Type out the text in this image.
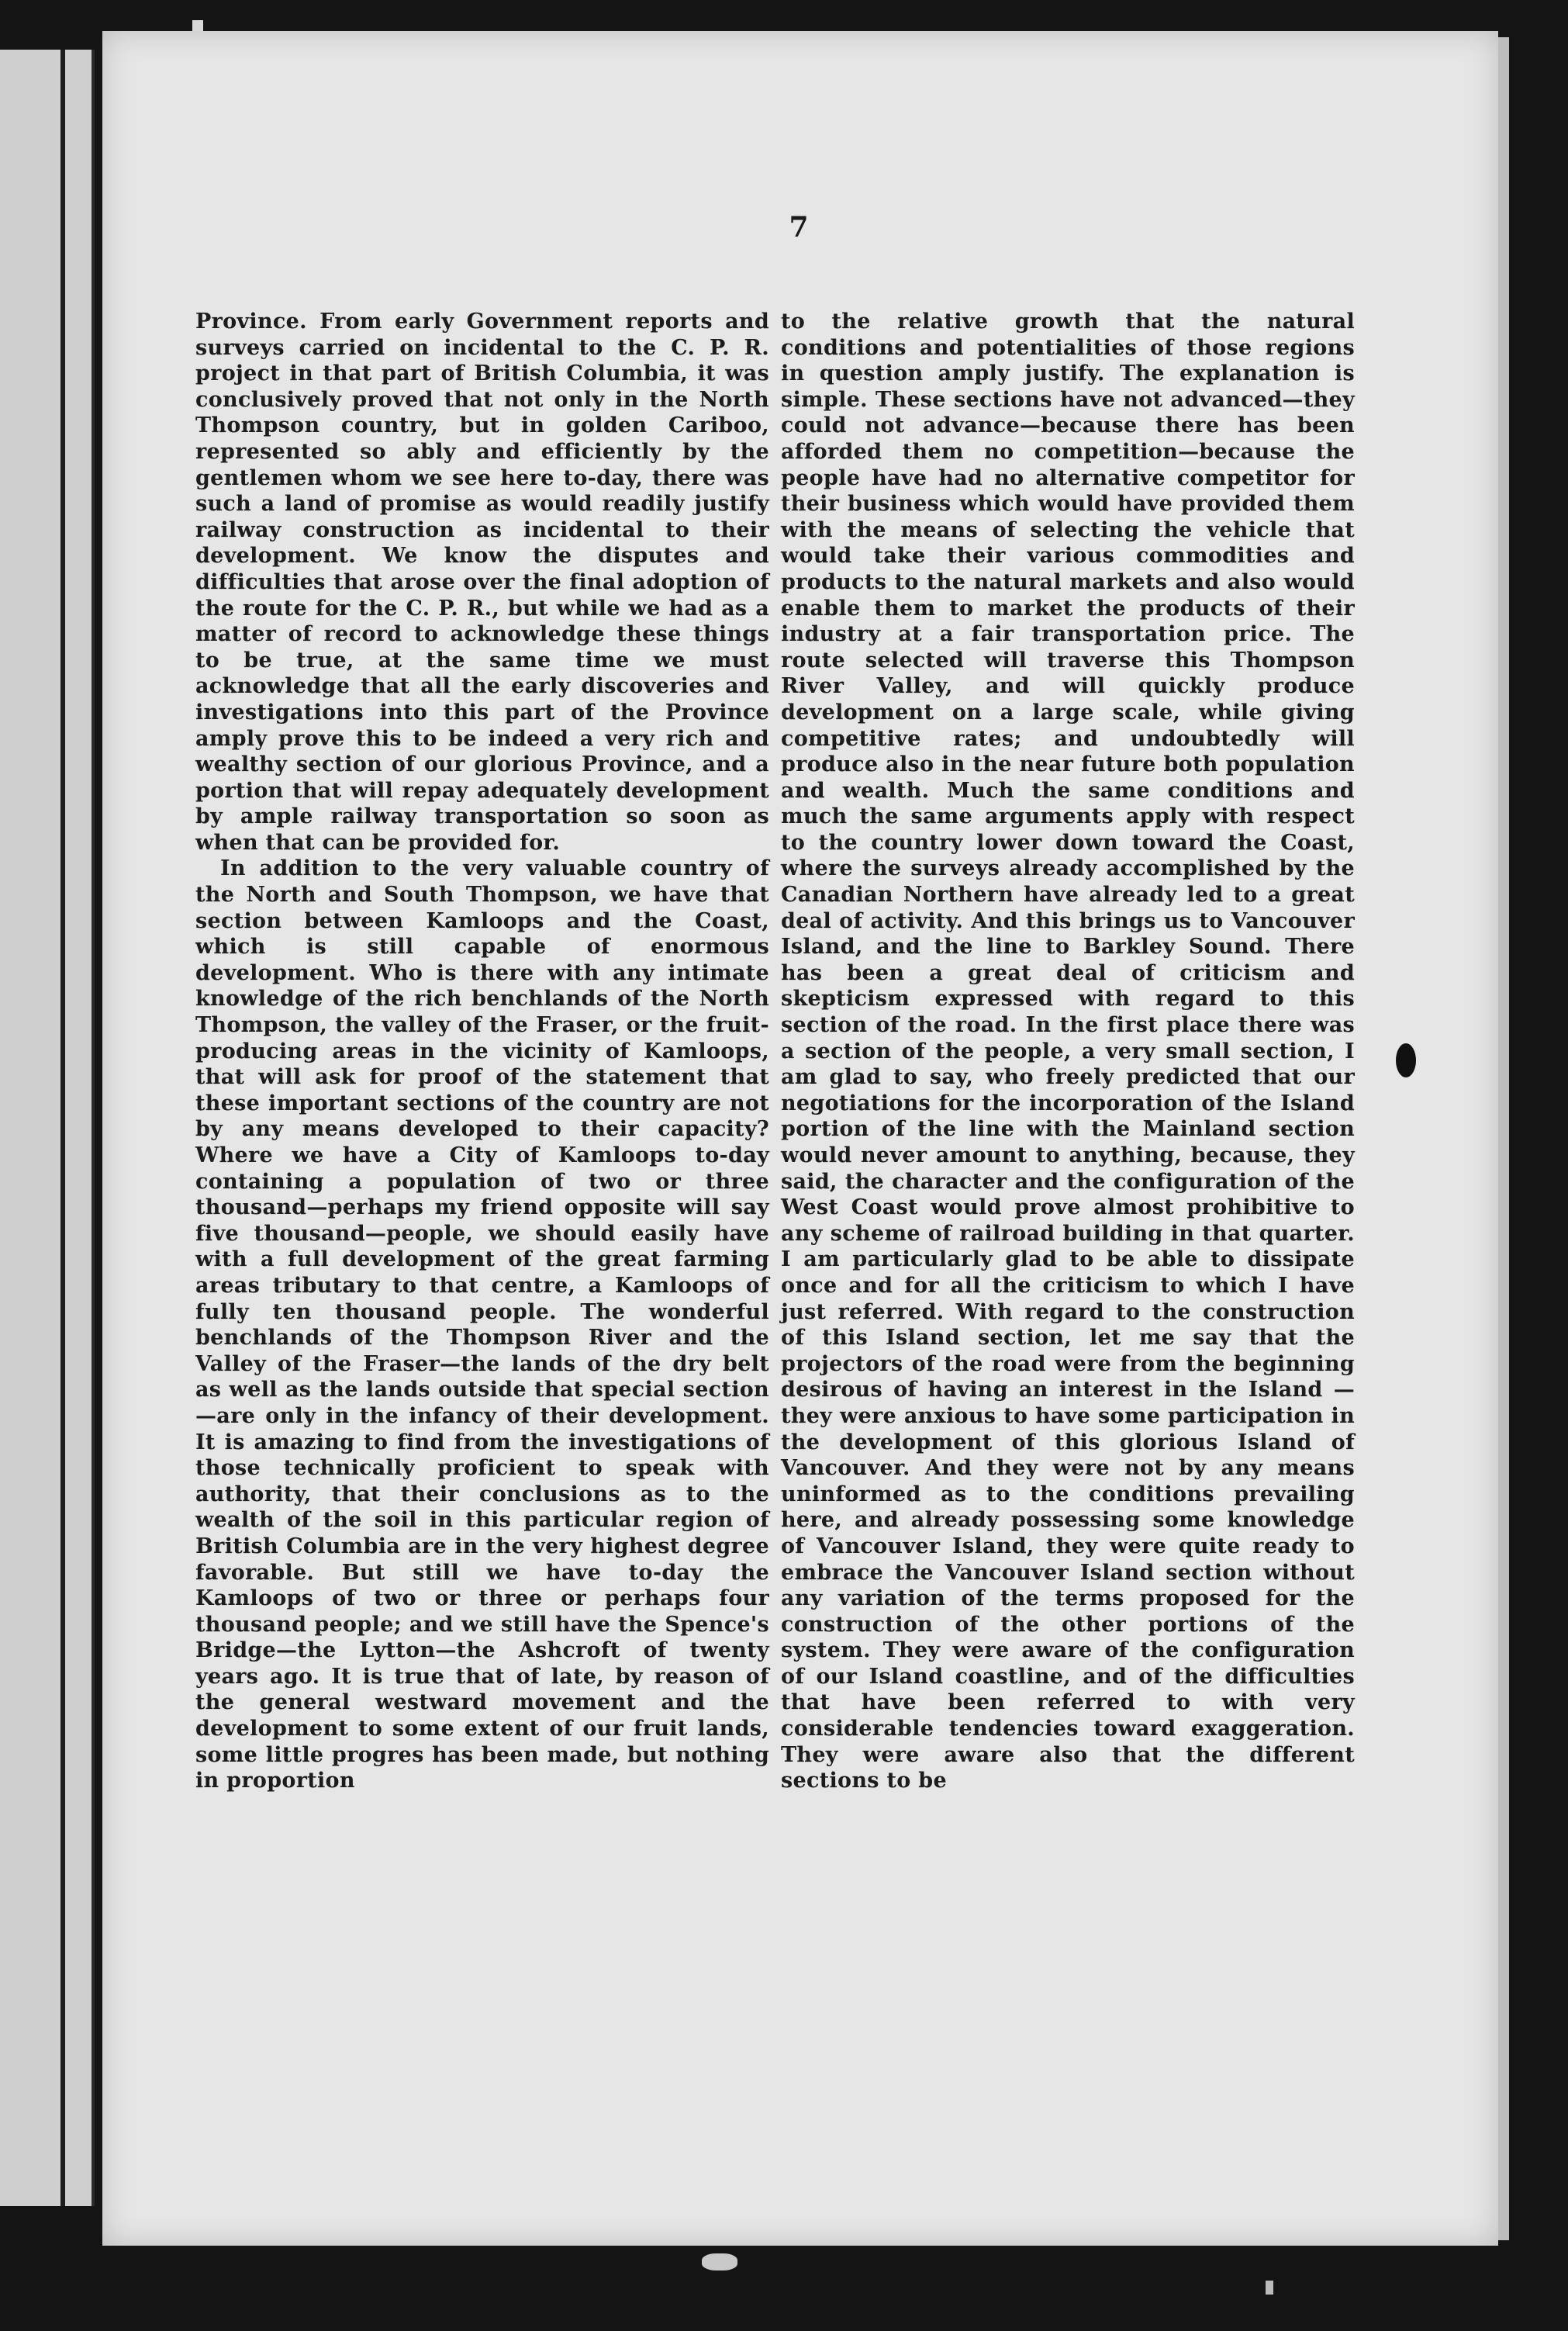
7

Province. From early Government reports and surveys carried on incidental to the C. P. R. project in that part of British Columbia, it was conclusively proved that not only in the North Thompson country, but in golden Cariboo, represented so ably and efficiently by the gentlemen whom we see here to-day, there was such a land of promise as would readily justify railway construction as incidental to their development. We know the disputes and difficulties that arose over the final adoption of the route for the C. P. R., but while we had as a matter of record to acknowledge these things to be true, at the same time we must acknowledge that all the early discoveries and investigations into this part of the Province amply prove this to be indeed a very rich and wealthy section of our glorious Province, and a portion that will repay adequately development by ample railway transportation so soon as when that can be provided for.

In addition to the very valuable country of the North and South Thompson, we have that section between Kamloops and the Coast, which is still capable of enormous development. Who is there with any intimate knowledge of the rich benchlands of the North Thompson, the valley of the Fraser, or the fruit-producing areas in the vicinity of Kamloops, that will ask for proof of the statement that these important sections of the country are not by any means developed to their capacity? Where we have a City of Kamloops to-day containing a population of two or three thousand—perhaps my friend opposite will say five thousand—people, we should easily have with a full development of the great farming areas tributary to that centre, a Kamloops of fully ten thousand people. The wonderful benchlands of the Thompson River and the Valley of the Fraser—the lands of the dry belt as well as the lands outside that special section—are only in the infancy of their development. It is amazing to find from the investigations of those technically proficient to speak with authority, that their conclusions as to the wealth of the soil in this particular region of British Columbia are in the very highest degree favorable. But still we have to-day the Kamloops of two or three or perhaps four thousand people; and we still have the Spence's Bridge—the Lytton—the Ashcroft of twenty years ago. It is true that of late, by reason of the general westward movement and the development to some extent of our fruit lands, some little progres has been made, but nothing in proportion

to the relative growth that the natural conditions and potentialities of those regions in question amply justify. The explanation is simple. These sections have not advanced—they could not advance—because there has been afforded them no competition—because the people have had no alternative competitor for their business which would have provided them with the means of selecting the vehicle that would take their various commodities and products to the natural markets and also would enable them to market the products of their industry at a fair transportation price. The route selected will traverse this Thompson River Valley, and will quickly produce development on a large scale, while giving competitive rates; and undoubtedly will produce also in the near future both population and wealth. Much the same conditions and much the same arguments apply with respect to the country lower down toward the Coast, where the surveys already accomplished by the Canadian Northern have already led to a great deal of activity. And this brings us to Vancouver Island, and the line to Barkley Sound. There has been a great deal of criticism and skepticism expressed with regard to this section of the road. In the first place there was a section of the people, a very small section, I am glad to say, who freely predicted that our negotiations for the incorporation of the Island portion of the line with the Mainland section would never amount to anything, because, they said, the character and the configuration of the West Coast would prove almost prohibitive to any scheme of railroad building in that quarter. I am particularly glad to be able to dissipate once and for all the criticism to which I have just referred. With regard to the construction of this Island section, let me say that the projectors of the road were from the beginning desirous of having an interest in the Island — they were anxious to have some participation in the development of this glorious Island of Vancouver. And they were not by any means uninformed as to the conditions prevailing here, and already possessing some knowledge of Vancouver Island, they were quite ready to embrace the Vancouver Island section without any variation of the terms proposed for the construction of the other portions of the system. They were aware of the configuration of our Island coastline, and of the difficulties that have been referred to with very considerable tendencies toward exaggeration. They were aware also that the different sections to be
